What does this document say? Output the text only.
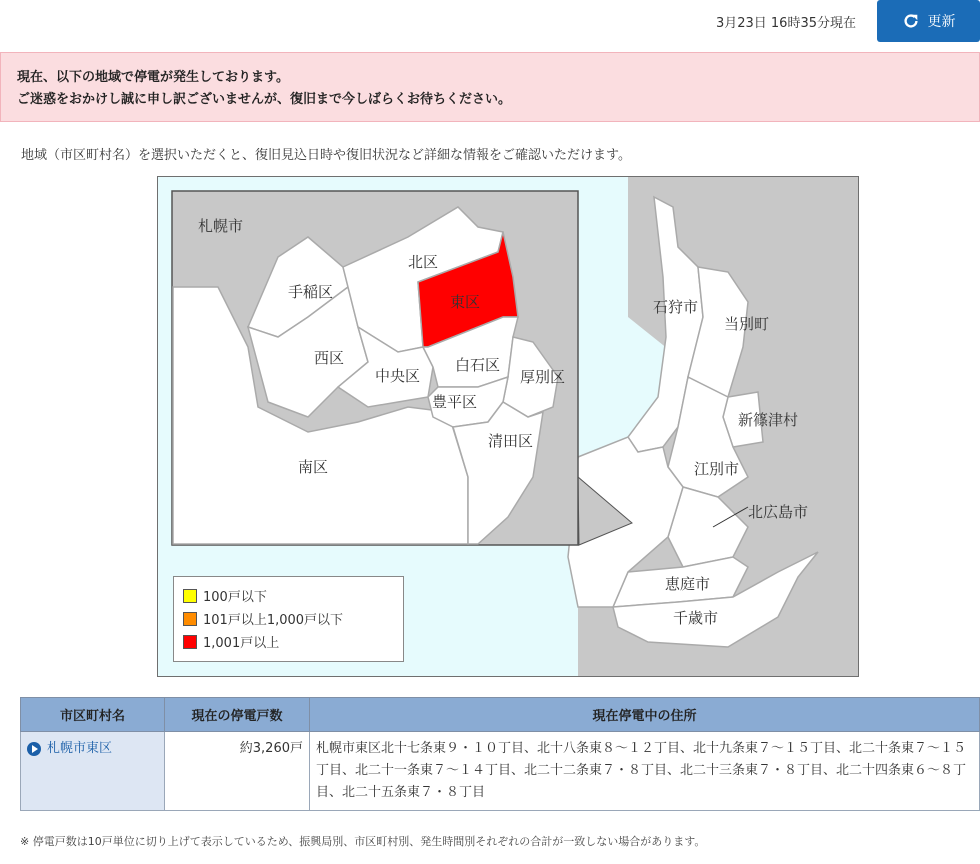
3月23日 16時35分現在	更新
現在、以下の地域で停電が発生しております。
ご迷惑をおかけし誠に申し訳ございませんが、復旧まで今しばらくお待ちください。
地域（市区町村名）を選択いただくと、復旧見込日時や復旧状況など詳細な情報をご確認いただけます。
札幌市
北区
東区
手稲区
西区
中央区
白石区
厚別区
豊平区
清田区
南区
石狩市
当別町
新篠津村
江別市
北広島市
恵庭市
千歳市
100戸以下
101戸以上1,000戸以下
1,001戸以上
市区町村名	現在の停電戸数	現在停電中の住所

札幌市東区	約3,260戸	札幌市東区北十七条東９・１０丁目、北十八条東８〜１２丁目、北十九条東７〜１５丁目、北二十条東７〜１５丁目、北二十一条東７〜１４丁目、北二十二条東７・８丁目、北二十三条東７・８丁目、北二十四条東６〜８丁目、北二十五条東７・８丁目
※ 停電戸数は10戸単位に切り上げて表示しているため、振興局別、市区町村別、発生時間別それぞれの合計が一致しない場合があります。
